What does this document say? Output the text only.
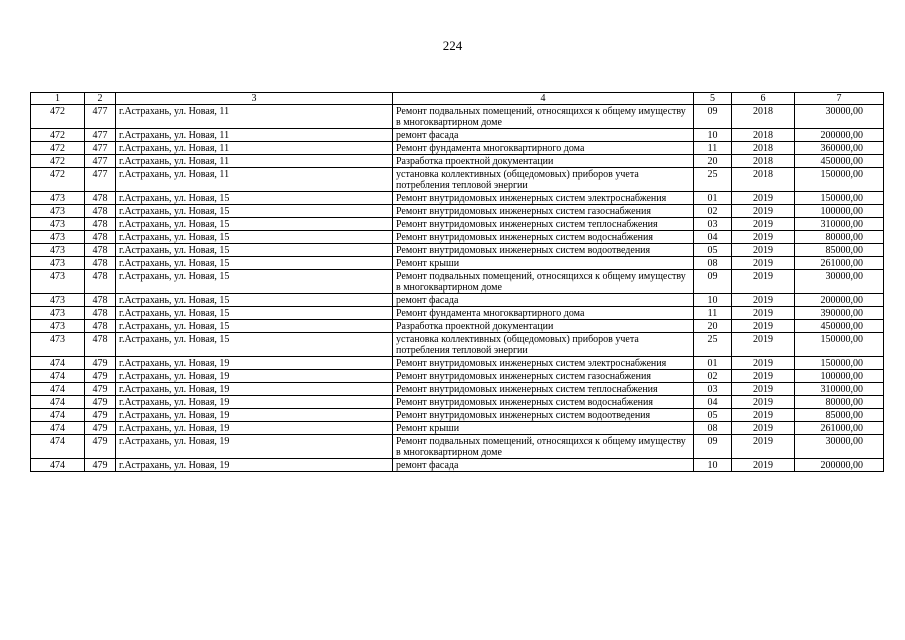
224
1	2	3	4	5	6	7
472	477	г.Астрахань, ул. Новая, 11	Ремонт подвальных помещений, относящихся к общему имуществу в многоквартирном доме	09	2018	30000,00
472	477	г.Астрахань, ул. Новая, 11	ремонт фасада	10	2018	200000,00
472	477	г.Астрахань, ул. Новая, 11	Ремонт фундамента многоквартирного дома	11	2018	360000,00
472	477	г.Астрахань, ул. Новая, 11	Разработка проектной документации	20	2018	450000,00
472	477	г.Астрахань, ул. Новая, 11	установка коллективных (общедомовых) приборов учета потребления тепловой энергии	25	2018	150000,00
473	478	г.Астрахань, ул. Новая, 15	Ремонт внутридомовых инженерных систем электроснабжения	01	2019	150000,00
473	478	г.Астрахань, ул. Новая, 15	Ремонт внутридомовых инженерных систем газоснабжения	02	2019	100000,00
473	478	г.Астрахань, ул. Новая, 15	Ремонт внутридомовых инженерных систем теплоснабжения	03	2019	310000,00
473	478	г.Астрахань, ул. Новая, 15	Ремонт внутридомовых инженерных систем водоснабжения	04	2019	80000,00
473	478	г.Астрахань, ул. Новая, 15	Ремонт внутридомовых инженерных систем водоотведения	05	2019	85000,00
473	478	г.Астрахань, ул. Новая, 15	Ремонт крыши	08	2019	261000,00
473	478	г.Астрахань, ул. Новая, 15	Ремонт подвальных помещений, относящихся к общему имуществу в многоквартирном доме	09	2019	30000,00
473	478	г.Астрахань, ул. Новая, 15	ремонт фасада	10	2019	200000,00
473	478	г.Астрахань, ул. Новая, 15	Ремонт фундамента многоквартирного дома	11	2019	390000,00
473	478	г.Астрахань, ул. Новая, 15	Разработка проектной документации	20	2019	450000,00
473	478	г.Астрахань, ул. Новая, 15	установка коллективных (общедомовых) приборов учета потребления тепловой энергии	25	2019	150000,00
474	479	г.Астрахань, ул. Новая, 19	Ремонт внутридомовых инженерных систем электроснабжения	01	2019	150000,00
474	479	г.Астрахань, ул. Новая, 19	Ремонт внутридомовых инженерных систем газоснабжения	02	2019	100000,00
474	479	г.Астрахань, ул. Новая, 19	Ремонт внутридомовых инженерных систем теплоснабжения	03	2019	310000,00
474	479	г.Астрахань, ул. Новая, 19	Ремонт внутридомовых инженерных систем водоснабжения	04	2019	80000,00
474	479	г.Астрахань, ул. Новая, 19	Ремонт внутридомовых инженерных систем водоотведения	05	2019	85000,00
474	479	г.Астрахань, ул. Новая, 19	Ремонт крыши	08	2019	261000,00
474	479	г.Астрахань, ул. Новая, 19	Ремонт подвальных помещений, относящихся к общему имуществу в многоквартирном доме	09	2019	30000,00
474	479	г.Астрахань, ул. Новая, 19	ремонт фасада	10	2019	200000,00
